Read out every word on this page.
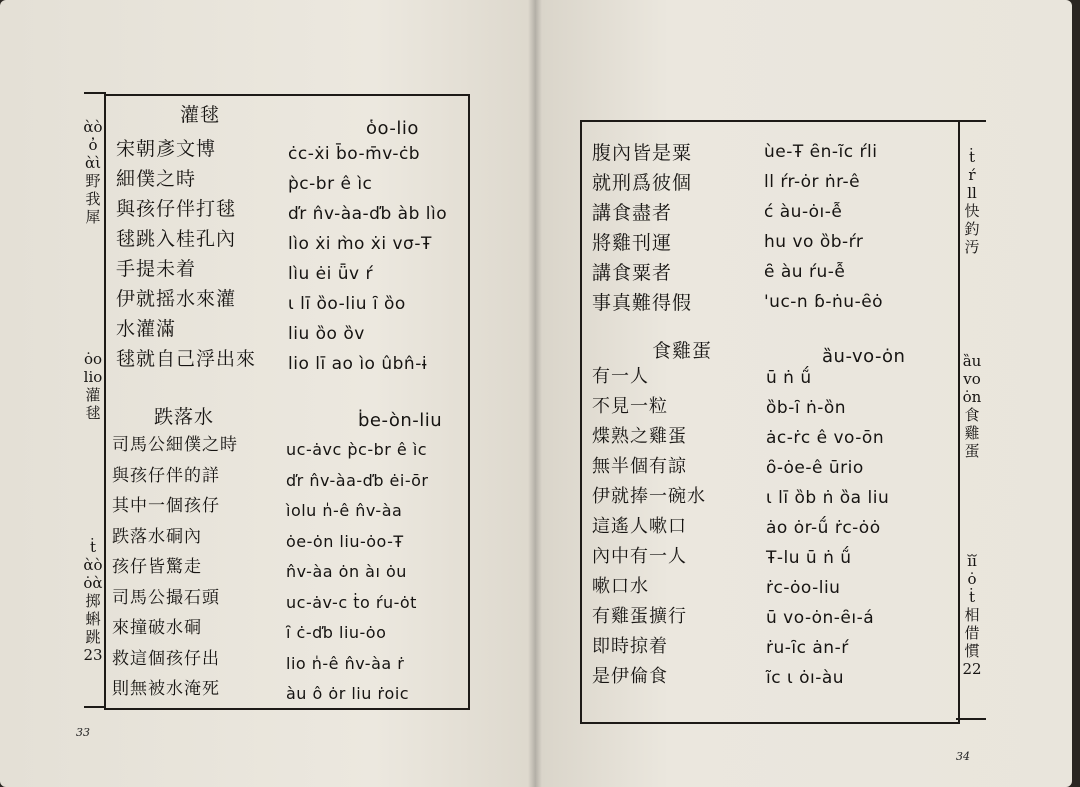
ὰὸ
ὀ
ὰὶ
野
我
犀
ȯo
lio
灌
毬
ṫ
ὰὸ
ȯὰ
掷
蝌
跳
23
灌毬
ὁo-lio
宋朝彥文博
細僕之時
與孩仔伴打毬
毬跳入桂孔內
手提未着
伊就摇水來灌
水灌滿
毬就自己浮出來
ċc-ẋi b̄o-m̄v-ċb
p̀c-br ê ìc
ďr n̂v-àa-ďb àb lìo
lìo ẋi m̀o ẋi vσ-Ŧ
lìu ėi ǖv ŕ
ɩ lī ȍo-liu ȋ ȍo
liu ȍo ȍv
lio lī ao ìo ûbn̂-ɨ
跌落水	ḃe-òn-liu
司馬公細僕之時
與孩仔伴的詳
其中一個孩仔
跌落水硐內
孩仔皆驚走
司馬公撮石頭
來撞破水硐
救這個孩仔出
則無被水淹死
uc-ȧvc p̀c-br ê ìc
ďr n̂v-àa-ďb ėi-ōr
ìolu n̍-ê n̂v-àa
ȯe-ȯn liu-ȯo-Ŧ
n̂v-àa ȯn àı ȯu
uc-ȧv-c ṫo ŕu-ȯt
ȋ ċ-ďb liu-ȯo
lio n̍-ê n̂v-àa ṙ
àu ô ȯr liu ṙoic
33
ṫ
ŕ
ll
快
釣
汚
ȁu
vo
ȯn
食
雞
蛋
ĭĭ
ȯ
ṫ
相
借
慣
22
腹內皆是粟
就刑爲彼個
講食盡者
將雞刊運
講食粟者
事真難得假
ùe-Ŧ ȇn-ĩc ŕli
ll ŕr-ȯr ṅr-ê
ć àu-ȯı-ễ
hu vo ȍb-ŕr
ȇ àu ŕu-ễ
'uc-n ɓ-ṅu-ȇȯ
食雞蛋	ȁu-vo-ȯn
有一人
不見一粒
煠熟之雞蛋
無半個有諒
伊就捧一碗水
這遙人嗽口
內中有一人
嗽口水
有雞蛋擴行
即時掠着
是伊倫食
ū ṅ ṹ
ȍb-ȋ ṅ-ȍn
ȧc-ṙc ê vo-ōn
ȏ-ȯe-ê ūrio
ɩ lī ȍb ṅ ȍa liu
ȧo ȯr-ṹ ṙc-ȯȯ
Ŧ-lu ū ṅ ṹ
ṙc-ȯo-liu
ū vo-ȯn-ȇı-á
ṙu-ȋc ȧn-ŕ
ĩc ɩ ȯı-àu
34
